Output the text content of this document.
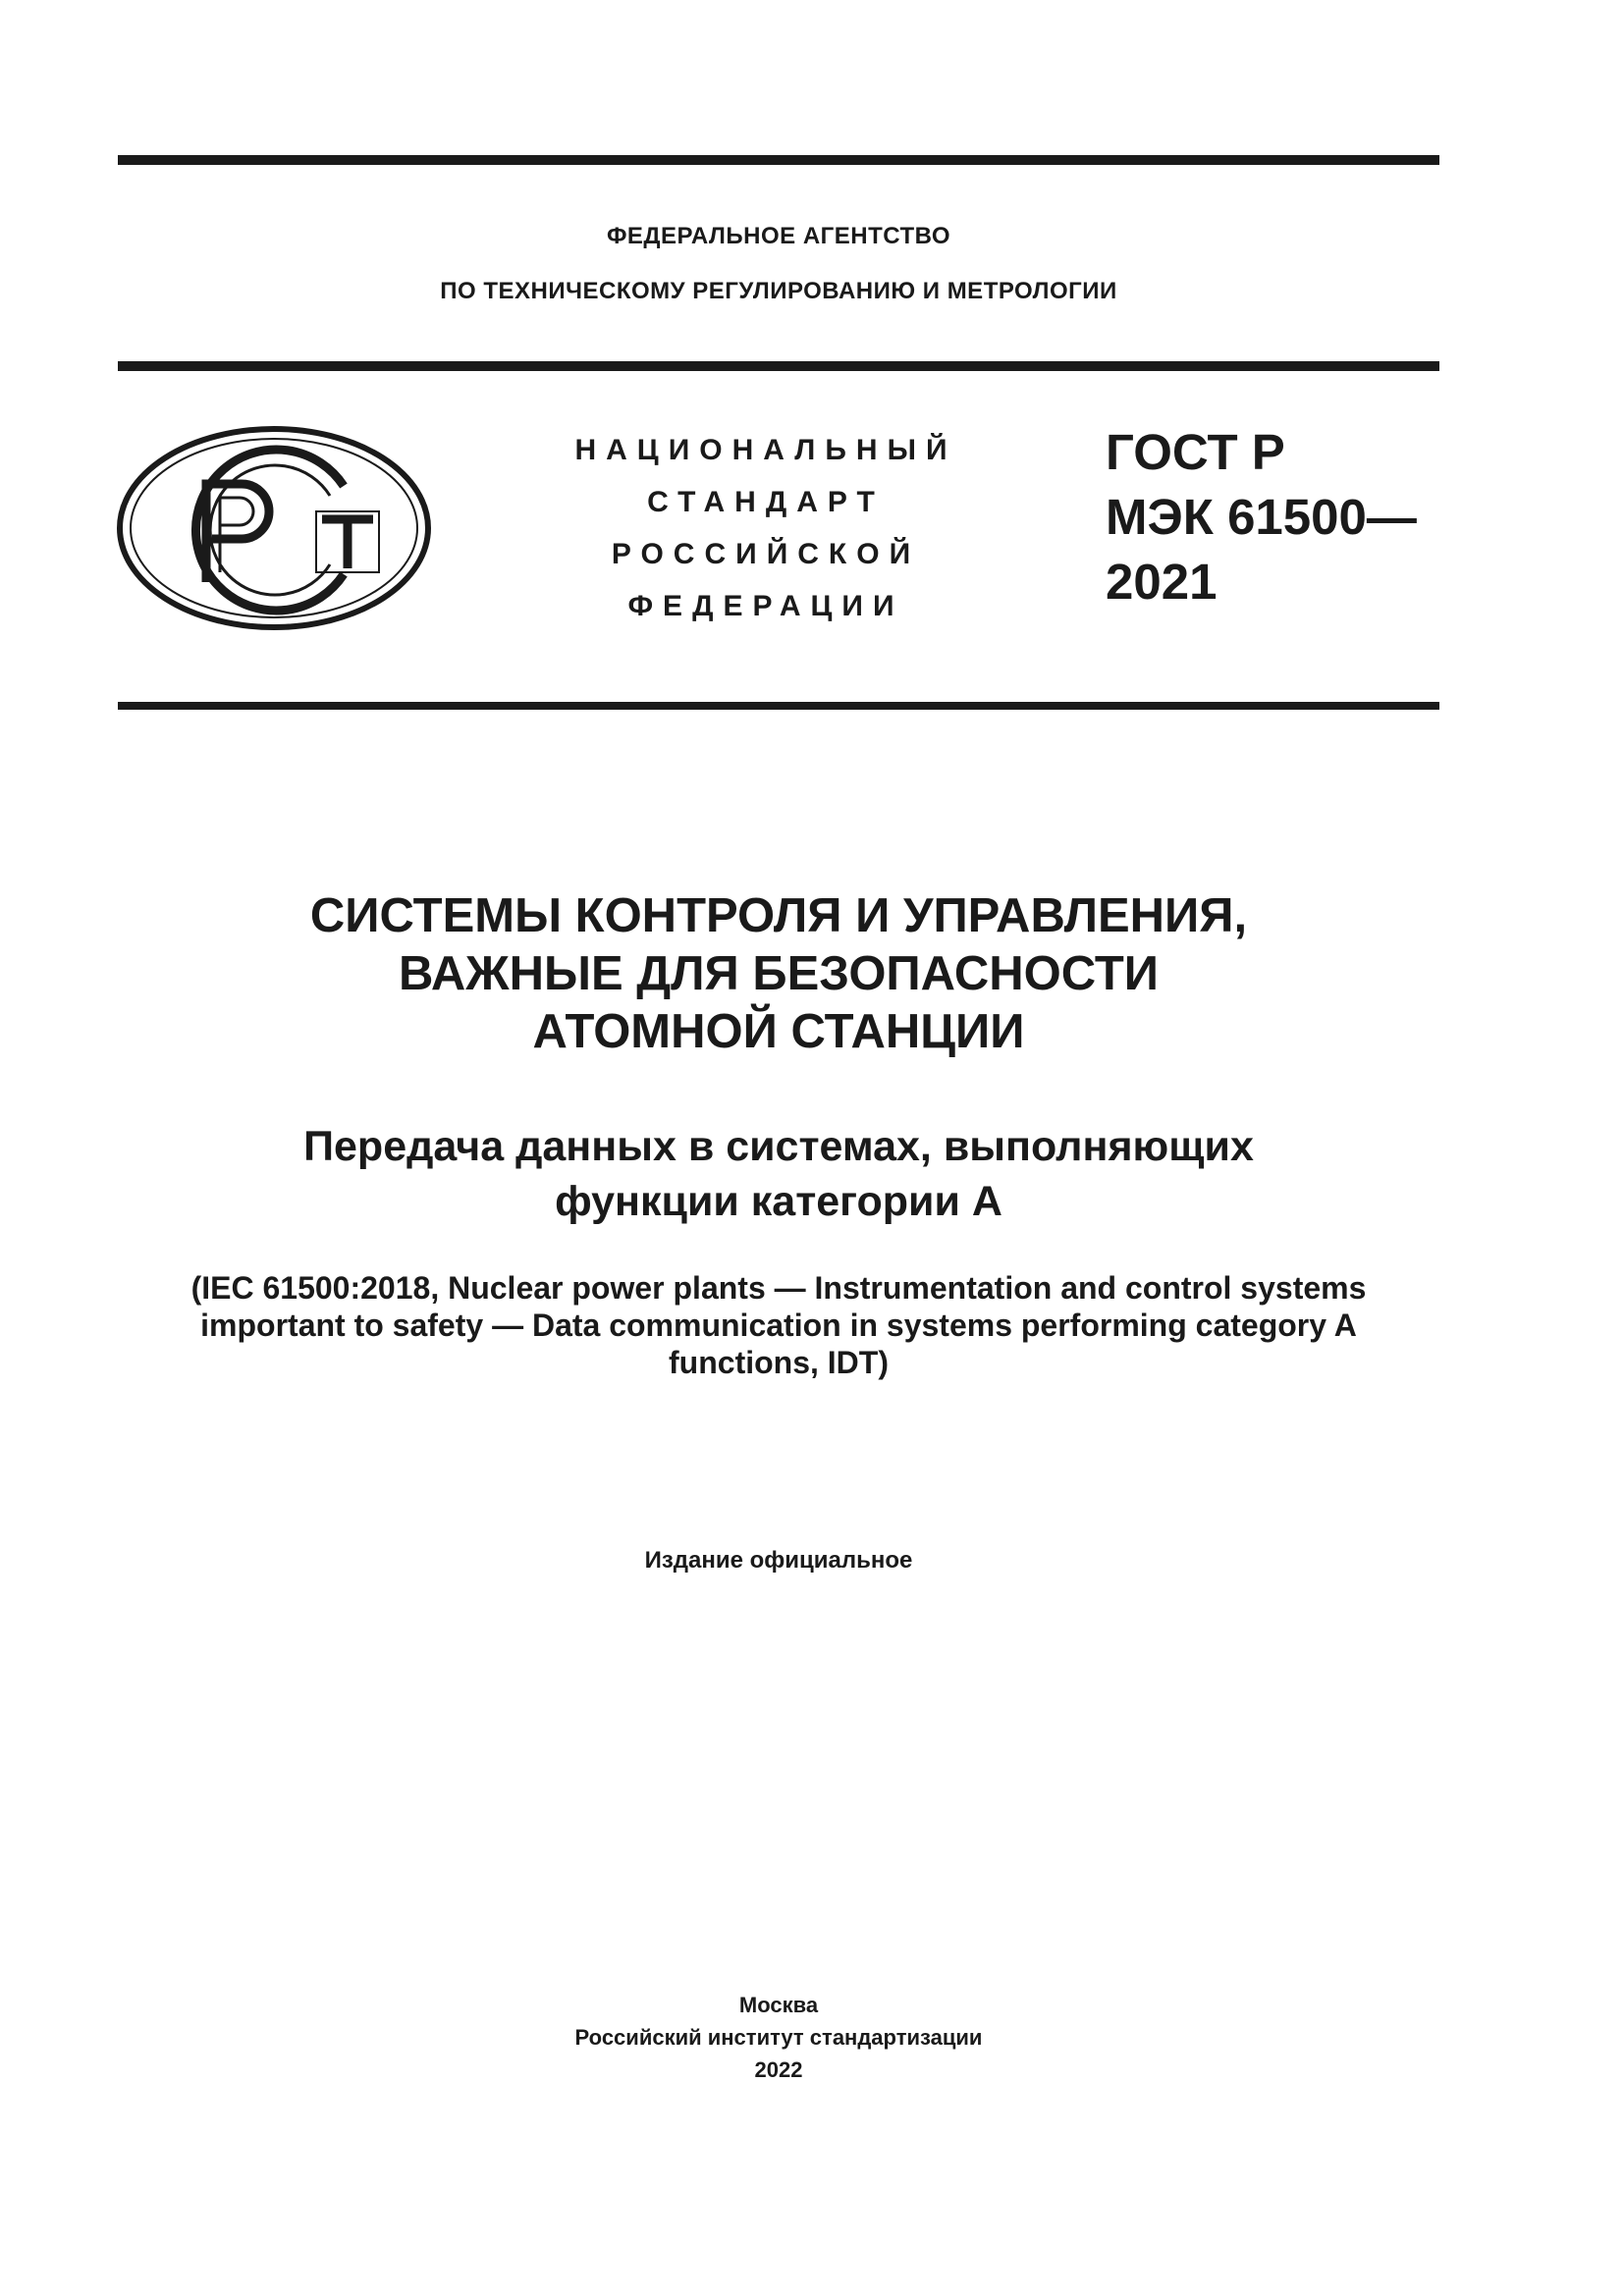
ФЕДЕРАЛЬНОЕ АГЕНТСТВО
ПО ТЕХНИЧЕСКОМУ РЕГУЛИРОВАНИЮ И МЕТРОЛОГИИ
НАЦИОНАЛЬНЫЙ
СТАНДАРТ
РОССИЙСКОЙ
ФЕДЕРАЦИИ
ГОСТ Р
МЭК 61500—
2021
СИСТЕМЫ КОНТРОЛЯ И УПРАВЛЕНИЯ,
ВАЖНЫЕ ДЛЯ БЕЗОПАСНОСТИ
АТОМНОЙ СТАНЦИИ
Передача данных в системах, выполняющих
функции категории А
(IEC 61500:2018, Nuclear power plants — Instrumentation and control systems
important to safety — Data communication in systems performing category A
functions, IDT)
Издание официальное
Москва
Российский институт стандартизации
2022
